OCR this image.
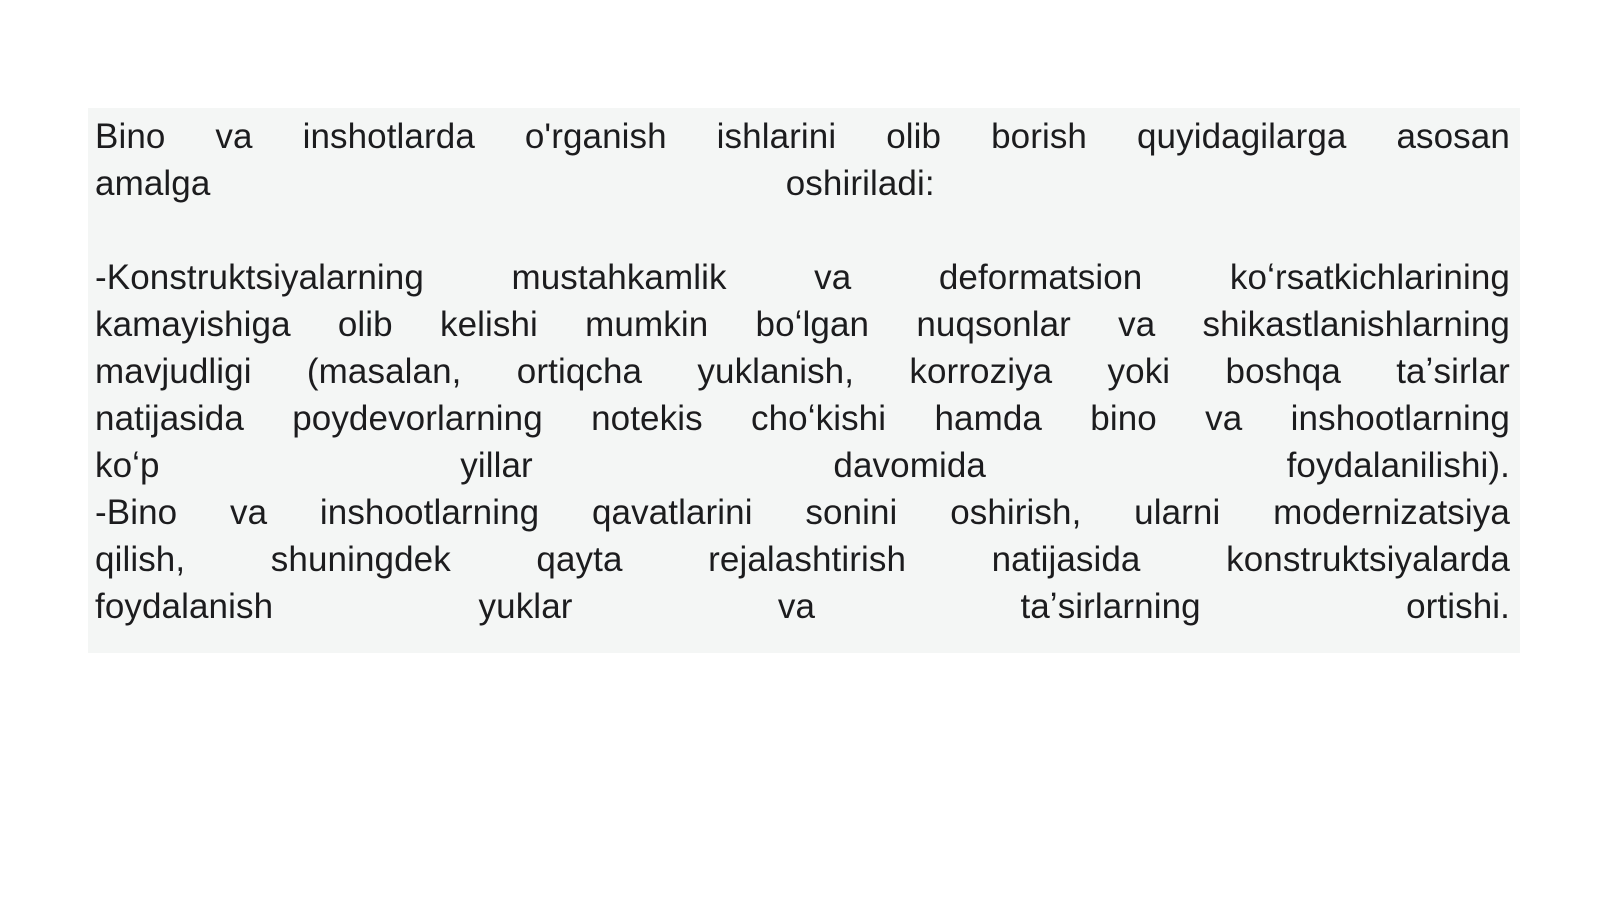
Bino va inshotlarda o'rganish ishlarini olib borish quyidagilarga asosan
amalga	oshiriladi:
-Konstruktsiyalarning	mustahkamlik	va	deformatsion	koʻrsatkichlarining
kamayishiga olib kelishi mumkin boʻlgan nuqsonlar va shikastlanishlarning
mavjudligi (masalan, ortiqcha yuklanish, korroziya yoki boshqa taʼsirlar
natijasida poydevorlarning notekis choʻkishi hamda bino va inshootlarning
koʻp	yillar	davomida	foydalanilishi).
-Bino va inshootlarning qavatlarini sonini oshirish, ularni modernizatsiya
qilish, shuningdek qayta rejalashtirish natijasida konstruktsiyalarda
foydalanish	yuklar	va	taʼsirlarning	ortishi.
